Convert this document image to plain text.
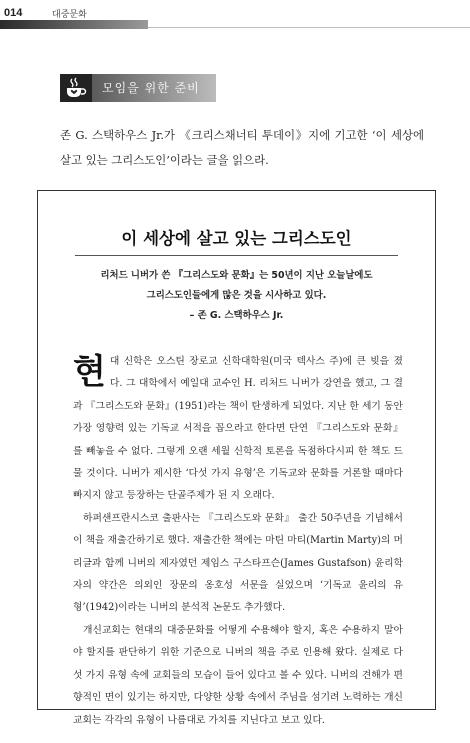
014	대중문화
모임을 위한 준비
존 G. 스택하우스 Jr.가 《크리스채너티 투데이》지에 기고한 ‘이 세상에 살고 있는 그리스도인’이라는 글을 읽으라.
이 세상에 살고 있는 그리스도인
리처드 니버가 쓴 『그리스도와 문화』는 50년이 지난 오늘날에도
그리스도인들에게 많은 것을 시사하고 있다.
– 존 G. 스택하우스 Jr.
현대 신학은 오스틴 장로교 신학대학원(미국 텍사스 주)에 큰 빚을 졌다. 그 대학에서 예일대 교수인 H. 리처드 니버가 강연을 했고, 그 결과 『그리스도와 문화』(1951)라는 책이 탄생하게 되었다. 지난 한 세기 동안 가장 영향력 있는 기독교 서적을 꼽으라고 한다면 단연 『그리스도와 문화』를 빼놓을 수 없다. 그렇게 오랜 세월 신학적 토론을 독점하다시피 한 책도 드물 것이다. 니버가 제시한 ‘다섯 가지 유형’은 기독교와 문화를 거론할 때마다 빠지지 않고 등장하는 단골주제가 된 지 오래다.
하퍼샌프란시스코 출판사는 『그리스도와 문화』 출간 50주년을 기념해서 이 책을 재출간하기로 했다. 재출간한 책에는 마틴 마티(Martin Marty)의 머리글과 함께 니버의 제자였던 제임스 구스타프슨(James Gustafson) 윤리학자의 약간은 의외인 장문의 옹호성 서문을 실었으며 ‘기독교 윤리의 유형’(1942)이라는 니버의 분석적 논문도 추가했다.
개신교회는 현대의 대중문화를 어떻게 수용해야 할지, 혹은 수용하지 말아야 할지를 판단하기 위한 기준으로 니버의 책을 주로 인용해 왔다. 실제로 다섯 가지 유형 속에 교회들의 모습이 들어 있다고 볼 수 있다. 니버의 견해가 편향적인 면이 있기는 하지만, 다양한 상황 속에서 주님을 섬기려 노력하는 개신교회는 각각의 유형이 나름대로 가치를 지닌다고 보고 있다.
